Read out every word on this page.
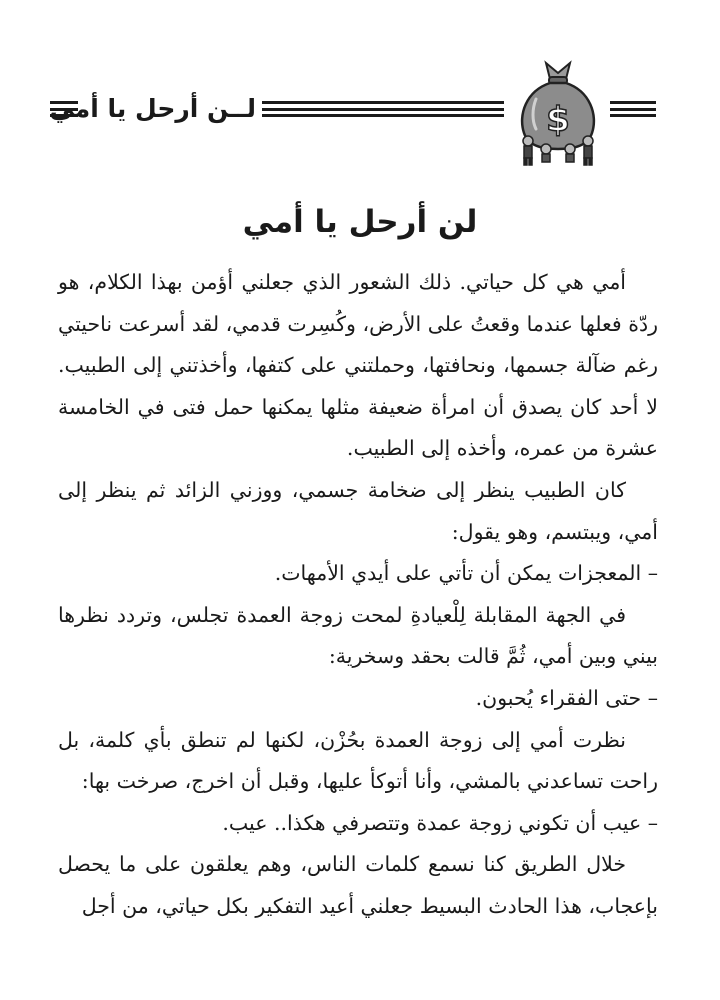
لــن أرحل يا أمي	$
لن أرحل يا أمي

أمي هي كل حياتي. ذلك الشعور الذي جعلني أؤمن بهذا الكلام، هو ردّة فعلها عندما وقعتُ على الأرض، وكُسِرت قدمي، لقد أسرعت ناحيتي رغم ضآلة جسمها، ونحافتها، وحملتني على كتفها، وأخذتني إلى الطبيب. لا أحد كان يصدق أن امرأة ضعيفة مثلها يمكنها حمل فتى في الخامسة عشرة من عمره، وأخذه إلى الطبيب.

كان الطبيب ينظر إلى ضخامة جسمي، ووزني الزائد ثم ينظر إلى أمي، ويبتسم، وهو يقول:

– المعجزات يمكن أن تأتي على أيدي الأمهات.

في الجهة المقابلة لِلْعيادةِ لمحت زوجة العمدة تجلس، وتردد نظرها بيني وبين أمي، ثُمَّ قالت بحقد وسخرية:

– حتى الفقراء يُحبون.

نظرت أمي إلى زوجة العمدة بحُزْن، لكنها لم تنطق بأي كلمة، بل راحت تساعدني بالمشي، وأنا أتوكأ عليها، وقبل أن اخرج، صرخت بها:

– عيب أن تكوني زوجة عمدة وتتصرفي هكذا.. عيب.

خلال الطريق كنا نسمع كلمات الناس، وهم يعلقون على ما يحصل بإعجاب، هذا الحادث البسيط جعلني أعيد التفكير بكل حياتي، من أجل
